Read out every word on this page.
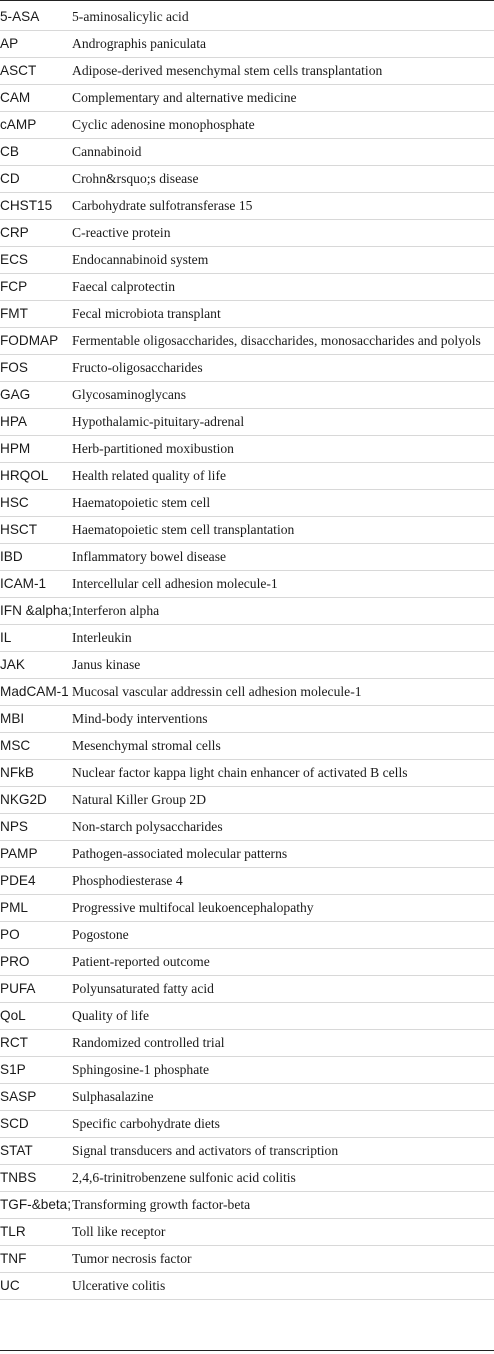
5-ASA	5-aminosalicylic acid
AP	Andrographis paniculata
ASCT	Adipose-derived mesenchymal stem cells transplantation
CAM	Complementary and alternative medicine
cAMP	Cyclic adenosine monophosphate
CB	Cannabinoid
CD	Crohn&rsquo;s disease
CHST15	Carbohydrate sulfotransferase 15
CRP	C-reactive protein
ECS	Endocannabinoid system
FCP	Faecal calprotectin
FMT	Fecal microbiota transplant
FODMAP	Fermentable oligosaccharides, disaccharides, monosaccharides and polyols
FOS	Fructo-oligosaccharides
GAG	Glycosaminoglycans
HPA	Hypothalamic-pituitary-adrenal
HPM	Herb-partitioned moxibustion
HRQOL	Health related quality of life
HSC	Haematopoietic stem cell
HSCT	Haematopoietic stem cell transplantation
IBD	Inflammatory bowel disease
ICAM-1	Intercellular cell adhesion molecule-1
IFN &alpha;	Interferon alpha
IL	Interleukin
JAK	Janus kinase
MadCAM-1	Mucosal vascular addressin cell adhesion molecule-1
MBI	Mind-body interventions
MSC	Mesenchymal stromal cells
NFkB	Nuclear factor kappa light chain enhancer of activated B cells
NKG2D	Natural Killer Group 2D
NPS	Non-starch polysaccharides
PAMP	Pathogen-associated molecular patterns
PDE4	Phosphodiesterase 4
PML	Progressive multifocal leukoencephalopathy
PO	Pogostone
PRO	Patient-reported outcome
PUFA	Polyunsaturated fatty acid
QoL	Quality of life
RCT	Randomized controlled trial
S1P	Sphingosine-1 phosphate
SASP	Sulphasalazine
SCD	Specific carbohydrate diets
STAT	Signal transducers and activators of transcription
TNBS	2,4,6-trinitrobenzene sulfonic acid colitis
TGF-&beta;	Transforming growth factor-beta
TLR	Toll like receptor
TNF	Tumor necrosis factor
UC	Ulcerative colitis
